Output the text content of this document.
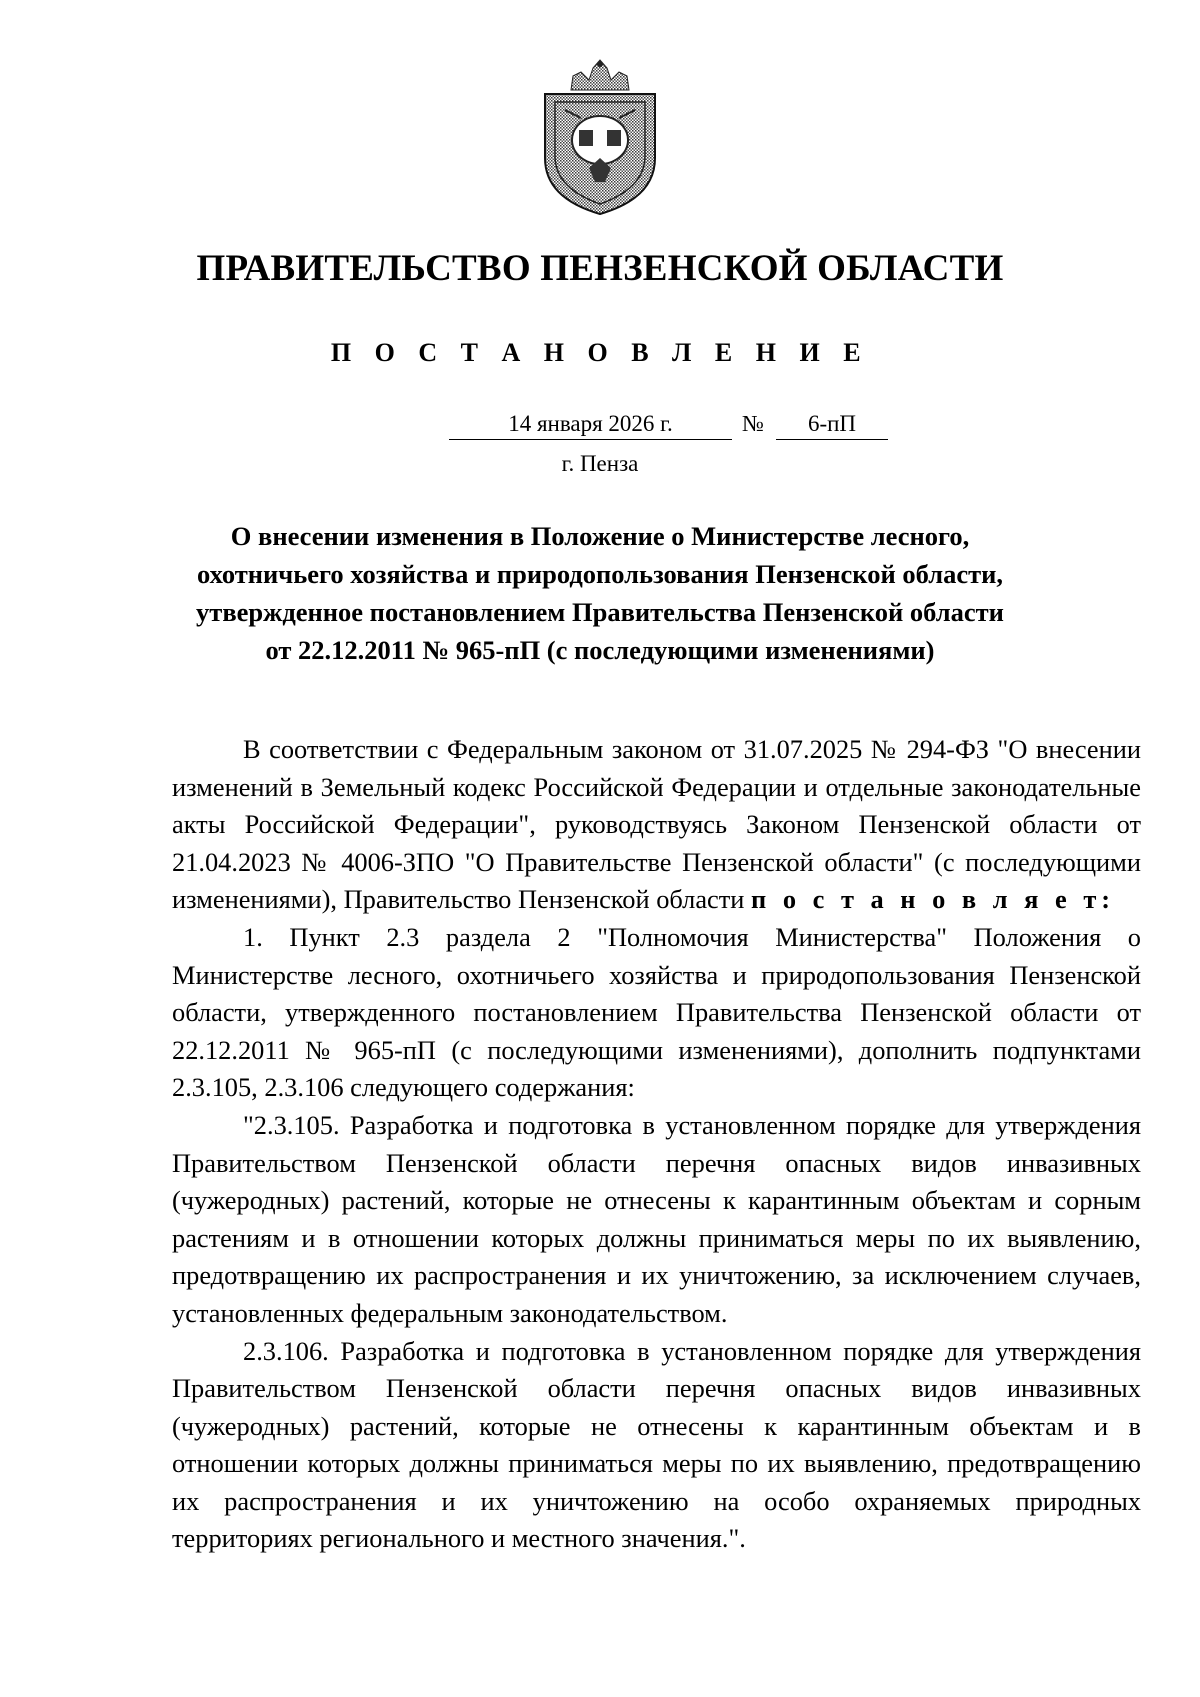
ПРАВИТЕЛЬСТВО ПЕНЗЕНСКОЙ ОБЛАСТИ
П О С Т А Н О В Л Е Н И Е
14 января 2026 г.	№	6-пП
г. Пенза
О внесении изменения в Положение о Министерстве лесного,
охотничьего хозяйства и природопользования Пензенской области,
утвержденное постановлением Правительства Пензенской области
от 22.12.2011 № 965-пП (с последующими изменениями)

В соответствии с Федеральным законом от 31.07.2025 № 294-ФЗ "О внесении изменений в Земельный кодекс Российской Федерации и отдельные законодательные акты Российской Федерации", руководствуясь Законом Пензенской области от 21.04.2023 № 4006-ЗПО "О Правительстве Пензенской области" (с последующими изменениями), Правительство Пензенской области п о с т а н о в л я е т:

1. Пункт 2.3 раздела 2 "Полномочия Министерства" Положения о Министерстве лесного, охотничьего хозяйства и природопользования Пензенской области, утвержденного постановлением Правительства Пензенской области от 22.12.2011 № 965-пП (с последующими изменениями), дополнить подпунктами 2.3.105, 2.3.106 следующего содержания:

"2.3.105. Разработка и подготовка в установленном порядке для утверждения Правительством Пензенской области перечня опасных видов инвазивных (чужеродных) растений, которые не отнесены к карантинным объектам и сорным растениям и в отношении которых должны приниматься меры по их выявлению, предотвращению их распространения и их уничтожению, за исключением случаев, установленных федеральным законодательством.

2.3.106. Разработка и подготовка в установленном порядке для утверждения Правительством Пензенской области перечня опасных видов инвазивных (чужеродных) растений, которые не отнесены к карантинным объектам и в отношении которых должны приниматься меры по их выявлению, предотвращению их распространения и их уничтожению на особо охраняемых природных территориях регионального и местного значения.".
